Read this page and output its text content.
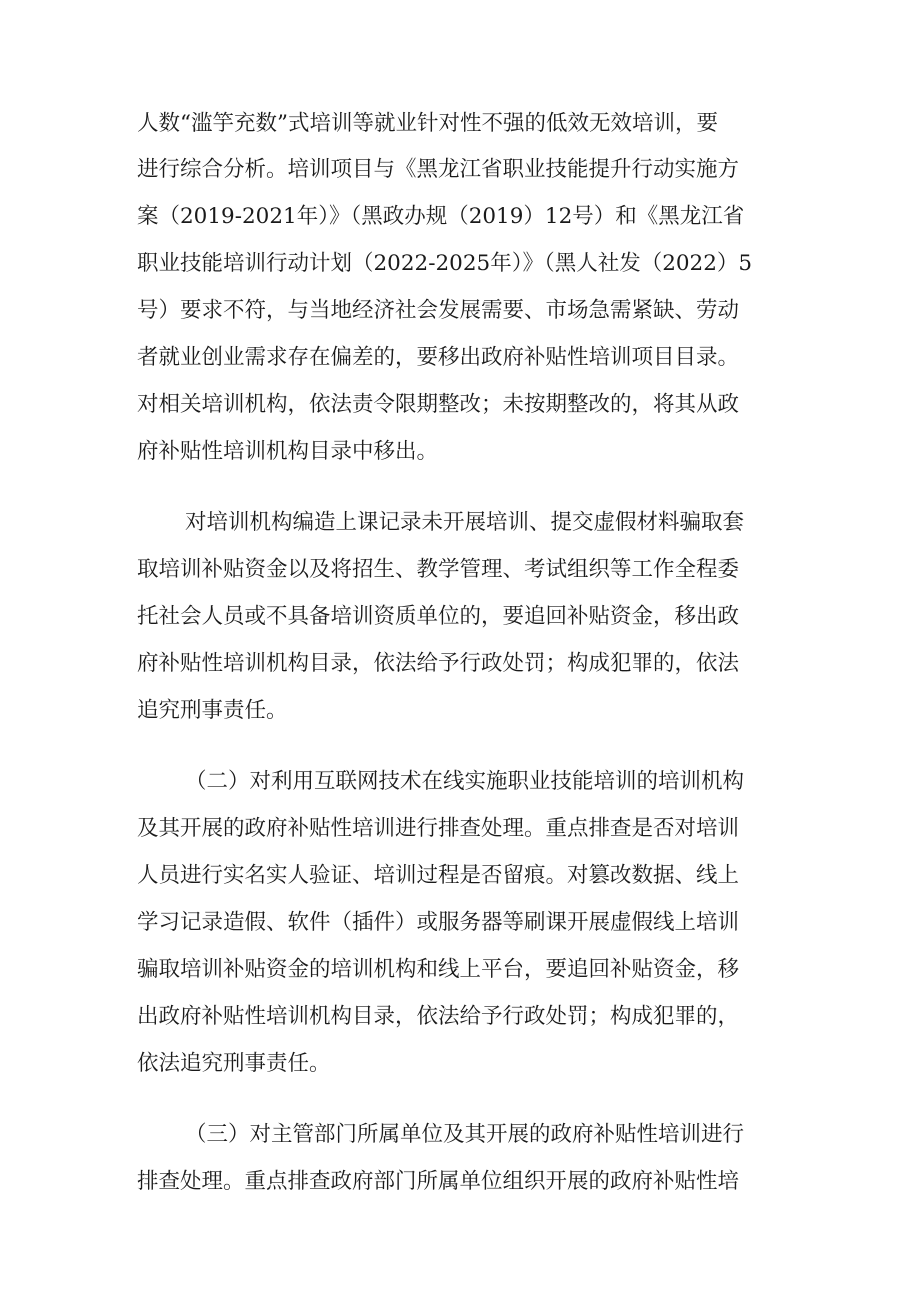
人数“滥竽充数”式培训等就业针对性不强的低效无效培训，要
进行综合分析。培训项目与《黑龙江省职业技能提升行动实施方
案（2019-2021年）》（黑政办规（2019）12号）和《黑龙江省
职业技能培训行动计划（2022-2025年）》（黑人社发（2022）5
号）要求不符，与当地经济社会发展需要、市场急需紧缺、劳动
者就业创业需求存在偏差的，要移出政府补贴性培训项目目录。
对相关培训机构，依法责令限期整改；未按期整改的，将其从政
府补贴性培训机构目录中移出。
对培训机构编造上课记录未开展培训、提交虚假材料骗取套
取培训补贴资金以及将招生、教学管理、考试组织等工作全程委
托社会人员或不具备培训资质单位的，要追回补贴资金，移出政
府补贴性培训机构目录，依法给予行政处罚；构成犯罪的，依法
追究刑事责任。
（二）对利用互联网技术在线实施职业技能培训的培训机构
及其开展的政府补贴性培训进行排查处理。重点排查是否对培训
人员进行实名实人验证、培训过程是否留痕。对篡改数据、线上
学习记录造假、软件（插件）或服务器等刷课开展虚假线上培训
骗取培训补贴资金的培训机构和线上平台，要追回补贴资金，移
出政府补贴性培训机构目录，依法给予行政处罚；构成犯罪的，
依法追究刑事责任。
（三）对主管部门所属单位及其开展的政府补贴性培训进行
排查处理。重点排查政府部门所属单位组织开展的政府补贴性培
